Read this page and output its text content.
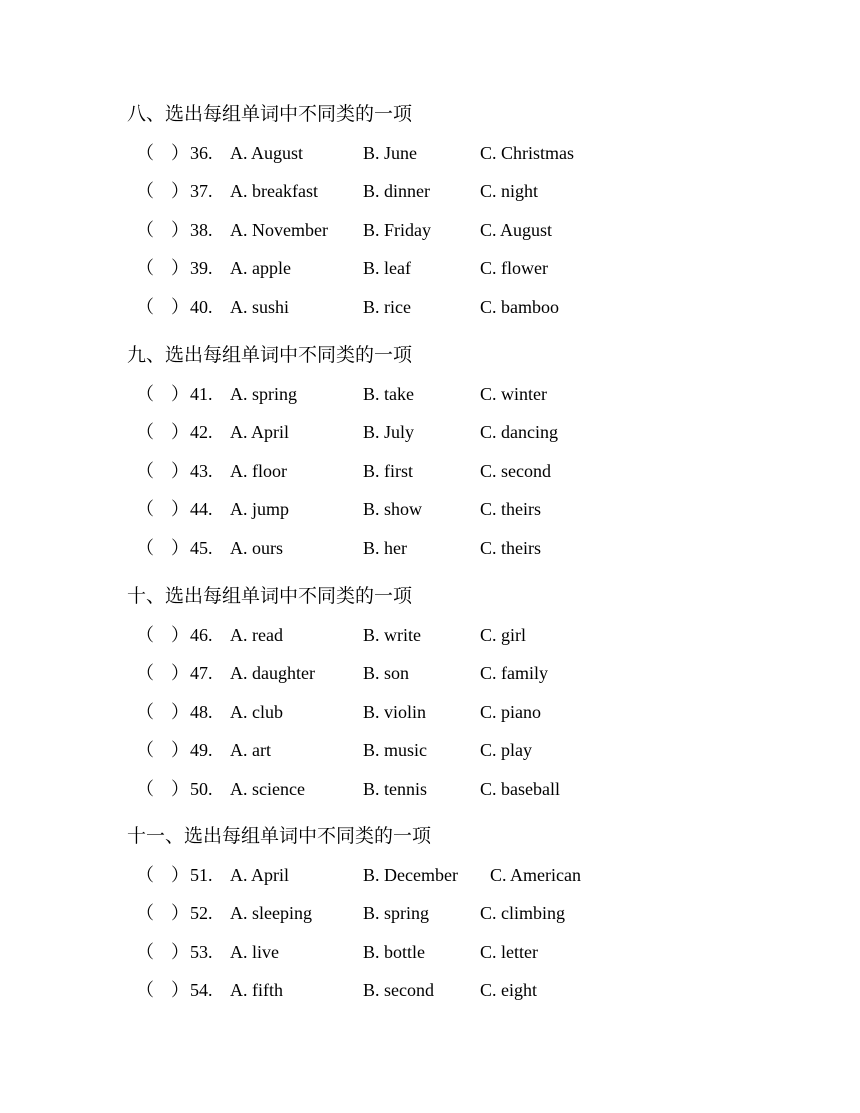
八、选出每组单词中不同类的一项
（ ） 36. A. August	B. June	C. Christmas
（ ） 37. A. breakfast	B. dinner	C. night
（ ） 38. A. November B. Friday	C. August
（ ） 39. A. apple	B. leaf	C. flower
（ ） 40. A. sushi	B. rice	C. bamboo
九、选出每组单词中不同类的一项
（ ） 41. A. spring	B. take	C. winter
（ ） 42. A. April	B. July	C. dancing
（ ） 43. A. floor	B. first	C. second
（ ） 44. A. jump	B. show	C. theirs
（ ） 45. A. ours	B. her	C. theirs
十、选出每组单词中不同类的一项
（ ） 46. A. read	B. write	C. girl
（ ） 47. A. daughter	B. son	C. family
（ ） 48. A. club	B. violin	C. piano
（ ） 49. A. art	B. music	C. play
（ ） 50. A. science	B. tennis	C. baseball
十一、选出每组单词中不同类的一项
（ ） 51. A. April	B. December C. American
（ ） 52. A. sleeping	B. spring	C. climbing
（ ） 53. A. live	B. bottle	C. letter
（ ） 54. A. fifth	B. second	C. eight
